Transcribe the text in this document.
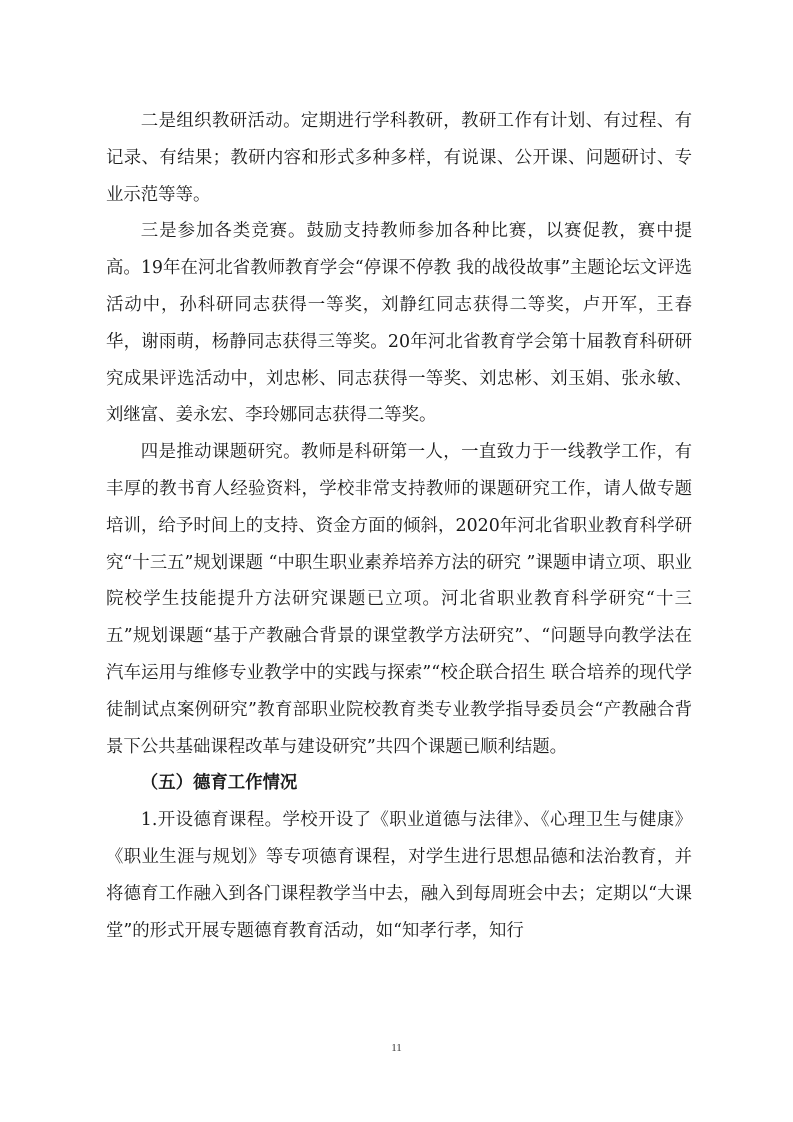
二是组织教研活动。定期进行学科教研，教研工作有计划、有过程、有记录、有结果；教研内容和形式多种多样，有说课、公开课、问题研讨、专业示范等等。

三是参加各类竞赛。鼓励支持教师参加各种比赛，以赛促教，赛中提高。19年在河北省教师教育学会“停课不停教 我的战役故事”主题论坛文评选活动中，孙科研同志获得一等奖，刘静红同志获得二等奖，卢开军，王春华，谢雨萌，杨静同志获得三等奖。20年河北省教育学会第十届教育科研研究成果评选活动中，刘忠彬、同志获得一等奖、刘忠彬、刘玉娟、张永敏、刘继富、姜永宏、李玲娜同志获得二等奖。

四是推动课题研究。教师是科研第一人，一直致力于一线教学工作，有丰厚的教书育人经验资料，学校非常支持教师的课题研究工作，请人做专题培训，给予时间上的支持、资金方面的倾斜，2020年河北省职业教育科学研究“十三五”规划课题 “中职生职业素养培养方法的研究 ”课题申请立项、职业院校学生技能提升方法研究课题已立项。河北省职业教育科学研究“十三五”规划课题“基于产教融合背景的课堂教学方法研究”、“问题导向教学法在汽车运用与维修专业教学中的实践与探索”“校企联合招生 联合培养的现代学徒制试点案例研究”教育部职业院校教育类专业教学指导委员会“产教融合背景下公共基础课程改革与建设研究”共四个课题已顺利结题。

（五）德育工作情况

1.开设德育课程。学校开设了《职业道德与法律》、《心理卫生与健康》《职业生涯与规划》等专项德育课程，对学生进行思想品德和法治教育，并将德育工作融入到各门课程教学当中去，融入到每周班会中去；定期以“大课堂”的形式开展专题德育教育活动，如“知孝行孝，知行

11
